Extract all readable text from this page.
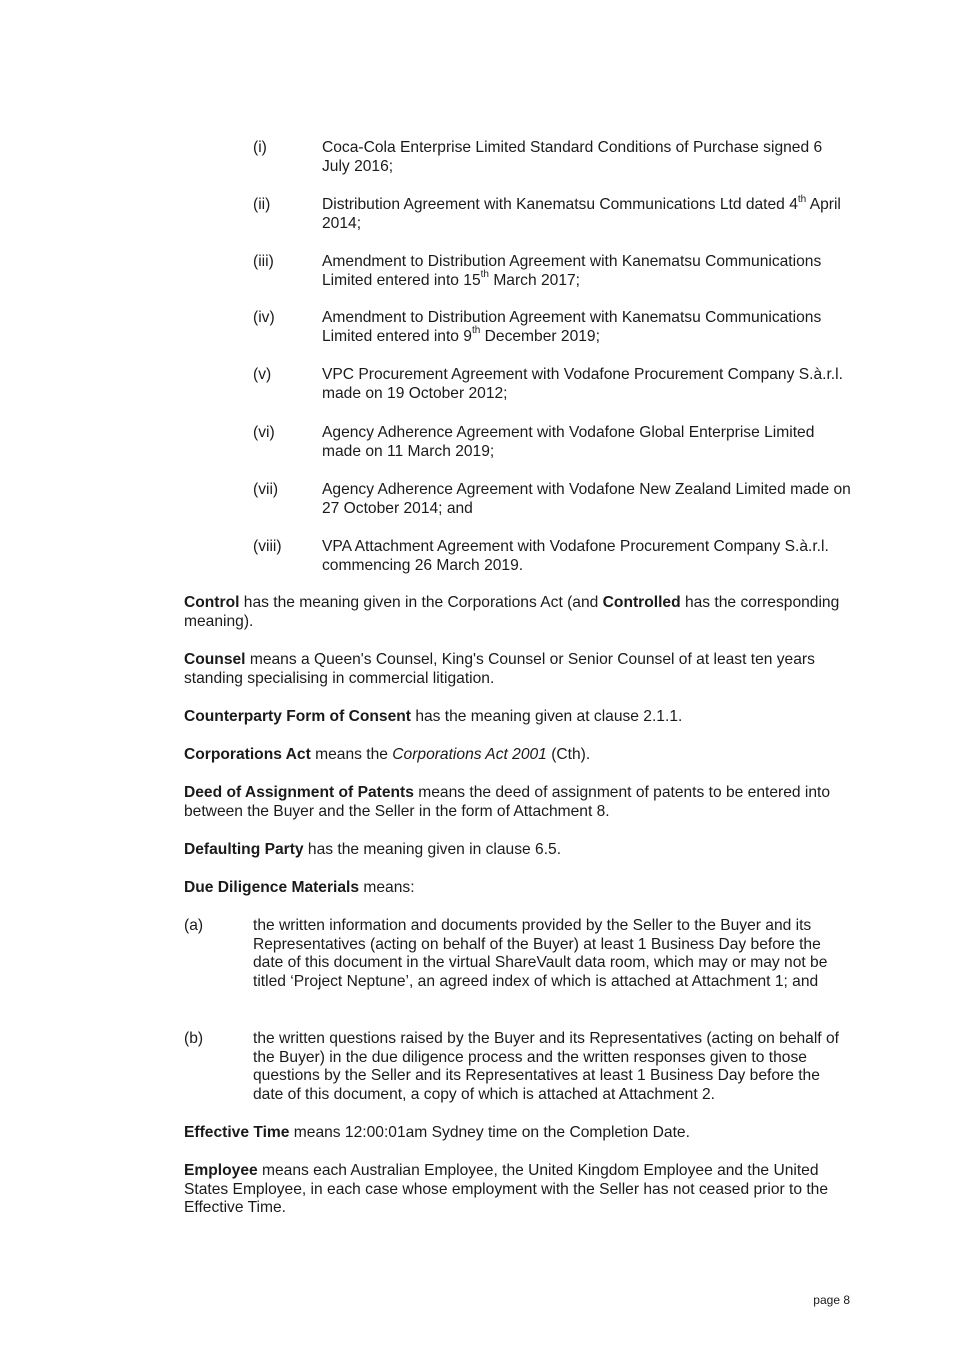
(i)	Coca-Cola Enterprise Limited Standard Conditions of Purchase signed 6 July 2016;
(ii)	Distribution Agreement with Kanematsu Communications Ltd dated 4th April 2014;
(iii)	Amendment to Distribution Agreement with Kanematsu Communications Limited entered into 15th March 2017;
(iv)	Amendment to Distribution Agreement with Kanematsu Communications Limited entered into 9th December 2019;
(v)	VPC Procurement Agreement with Vodafone Procurement Company S.à.r.l. made on 19 October 2012;
(vi)	Agency Adherence Agreement with Vodafone Global Enterprise Limited made on 11 March 2019;
(vii)	Agency Adherence Agreement with Vodafone New Zealand Limited made on 27 October 2014; and
(viii)	VPA Attachment Agreement with Vodafone Procurement Company S.à.r.l. commencing 26 March 2019.
Control has the meaning given in the Corporations Act (and Controlled has the corresponding meaning).
Counsel means a Queen's Counsel, King's Counsel or Senior Counsel of at least ten years standing specialising in commercial litigation.
Counterparty Form of Consent has the meaning given at clause 2.1.1.
Corporations Act means the Corporations Act 2001 (Cth).
Deed of Assignment of Patents means the deed of assignment of patents to be entered into between the Buyer and the Seller in the form of Attachment 8.
Defaulting Party has the meaning given in clause 6.5.
Due Diligence Materials means:
(a)	the written information and documents provided by the Seller to the Buyer and its Representatives (acting on behalf of the Buyer) at least 1 Business Day before the date of this document in the virtual ShareVault data room, which may or may not be titled ‘Project Neptune’, an agreed index of which is attached at Attachment 1; and
(b)	the written questions raised by the Buyer and its Representatives (acting on behalf of the Buyer) in the due diligence process and the written responses given to those questions by the Seller and its Representatives at least 1 Business Day before the date of this document, a copy of which is attached at Attachment 2.
Effective Time means 12:00:01am Sydney time on the Completion Date.
Employee means each Australian Employee, the United Kingdom Employee and the United States Employee, in each case whose employment with the Seller has not ceased prior to the Effective Time.
page 8
